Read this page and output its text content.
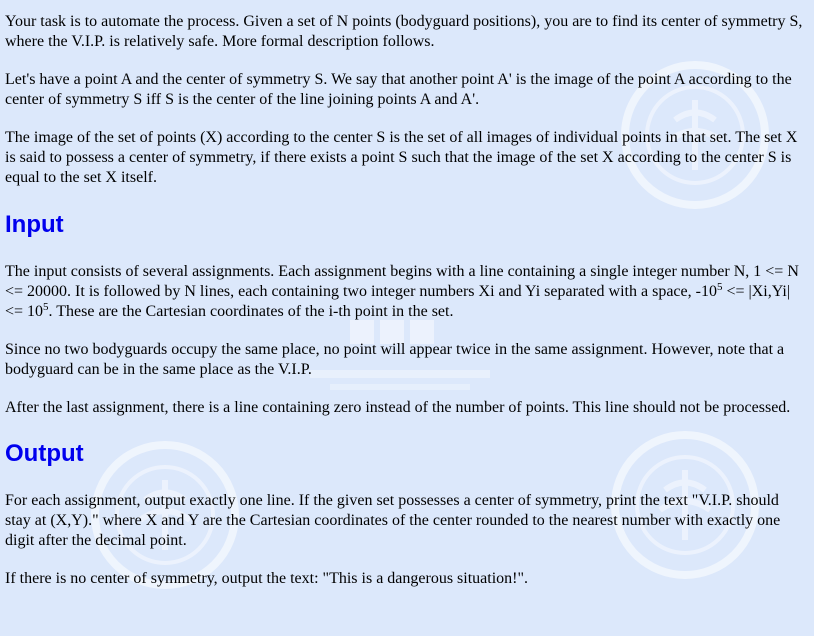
Your task is to automate the process. Given a set of N points (bodyguard positions), you are to find its center of symmetry S, where the V.I.P. is relatively safe. More formal description follows.

Let's have a point A and the center of symmetry S. We say that another point A' is the image of the point A according to the center of symmetry S iff S is the center of the line joining points A and A'.

The image of the set of points (X) according to the center S is the set of all images of individual points in that set. The set X is said to possess a center of symmetry, if there exists a point S such that the image of the set X according to the center S is equal to the set X itself.

Input

The input consists of several assignments. Each assignment begins with a line containing a single integer number N, 1 <= N <= 20000. It is followed by N lines, each containing two integer numbers Xi and Yi separated with a space, $-10^5 <= |Xi,Yi| <= 10^5$. These are the Cartesian coordinates of the i-th point in the set.

Since no two bodyguards occupy the same place, no point will appear twice in the same assignment. However, note that a bodyguard can be in the same place as the V.I.P.

After the last assignment, there is a line containing zero instead of the number of points. This line should not be processed.

Output

For each assignment, output exactly one line. If the given set possesses a center of symmetry, print the text "V.I.P. should stay at (X,Y)." where X and Y are the Cartesian coordinates of the center rounded to the nearest number with exactly one digit after the decimal point.

If there is no center of symmetry, output the text: "This is a dangerous situation!".
